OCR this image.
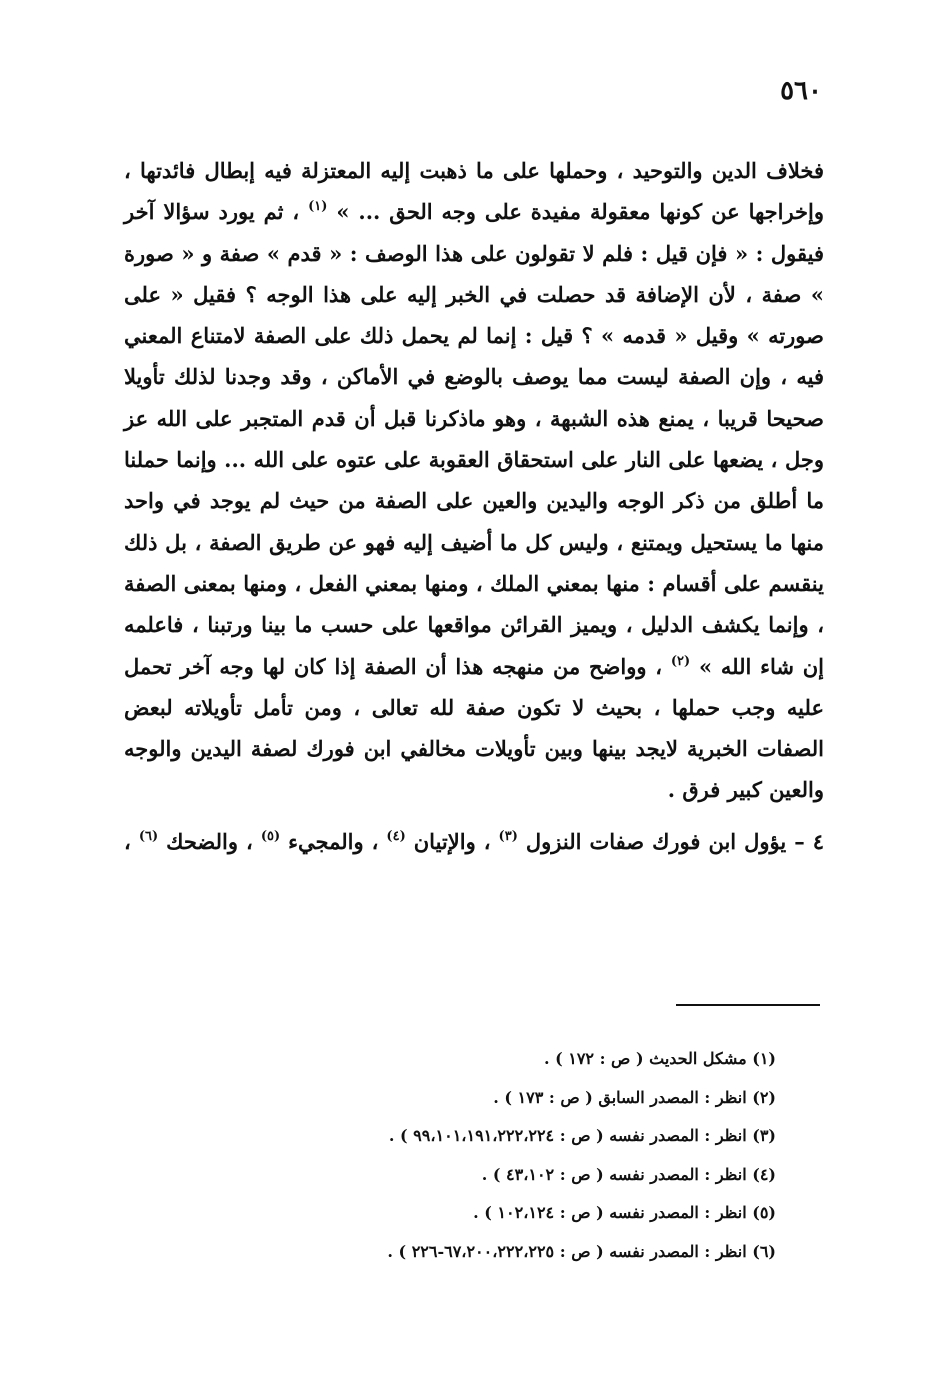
٥٦٠

فخلاف الدين والتوحيد ، وحملها على ما ذهبت إليه المعتزلة فيه إبطال فائدتها ، وإخراجها عن كونها معقولة مفيدة على وجه الحق ... » $^{(١)}$ ، ثم يورد سؤالا آخر فيقول : « فإن قيل : فلم لا تقولون على هذا الوصف : « قدم » صفة و « صورة » صفة ، لأن الإضافة قد حصلت في الخبر إليه على هذا الوجه ؟ فقيل « على صورته » وقيل « قدمه » ؟ قيل : إنما لم يحمل ذلك على الصفة لامتناع المعني فيه ، وإن الصفة ليست مما يوصف بالوضع في الأماكن ، وقد وجدنا لذلك تأويلا صحيحا قريبا ، يمنع هذه الشبهة ، وهو ماذكرنا قبل أن قدم المتجبر على الله عز وجل ، يضعها على النار على استحقاق العقوبة على عتوه على الله ... وإنما حملنا ما أطلق من ذكر الوجه واليدين والعين على الصفة من حيث لم يوجد في واحد منها ما يستحيل ويمتنع ، وليس كل ما أضيف إليه فهو عن طريق الصفة ، بل ذلك ينقسم على أقسام : منها بمعني الملك ، ومنها بمعني الفعل ، ومنها بمعنى الصفة ، وإنما يكشف الدليل ، ويميز القرائن مواقعها على حسب ما بينا ورتبنا ، فاعلمه إن شاء الله » $^{(٢)}$ ، وواضح من منهجه هذا أن الصفة إذا كان لها وجه آخر تحمل عليه وجب حملها ، بحيث لا تكون صفة لله تعالى ، ومن تأمل تأويلاته لبعض الصفات الخبرية لايجد بينها وبين تأويلات مخالفي ابن فورك لصفة اليدين والوجه والعين كبير فرق .

٤ – يؤول ابن فورك صفات النزول $^{(٣)}$ ، والإتيان $^{(٤)}$ ، والمجيء $^{(٥)}$ ، والضحك $^{(٦)}$ ،

(١) مشكل الحديث ( ص : ١٧٢ ) .
(٢) انظر : المصدر السابق ( ص : ١٧٣ ) .
(٣) انظر : المصدر نفسه ( ص : ٩٩،١٠١،١٩١،٢٢٢،٢٢٤ ) .
(٤) انظر : المصدر نفسه ( ص : ٤٣،١٠٢ ) .
(٥) انظر : المصدر نفسه ( ص : ١٠٢،١٢٤ ) .
(٦) انظر : المصدر نفسه ( ص : ٦٧،٢٠٠،٢٢٢،٢٢٥-٢٢٦ ) .
